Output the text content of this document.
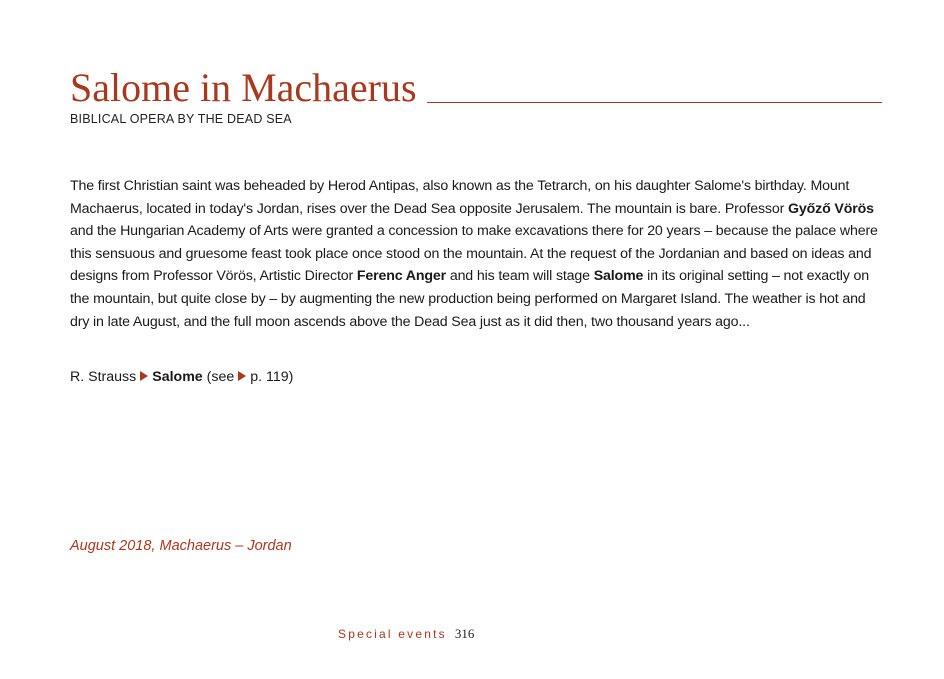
Salome in Machaerus
BIBLICAL OPERA BY THE DEAD SEA

The first Christian saint was beheaded by Herod Antipas, also known as the Tetrarch, on his daughter Salome's birthday. Mount Machaerus, located in today's Jordan, rises over the Dead Sea opposite Jerusalem. The mountain is bare. Professor Győző Vörös and the Hungarian Academy of Arts were granted a concession to make excavations there for 20 years – because the palace where this sensuous and gruesome feast took place once stood on the mountain. At the request of the Jordanian and based on ideas and designs from Professor Vörös, Artistic Director Ferenc Anger and his team will stage Salome in its original setting – not exactly on the mountain, but quite close by – by augmenting the new production being performed on Margaret Island. The weather is hot and dry in late August, and the full moon ascends above the Dead Sea just as it did then, two thousand years ago...

R. Strauss Salome (see p. 119)
August 2018, Machaerus – Jordan
Special events 316
